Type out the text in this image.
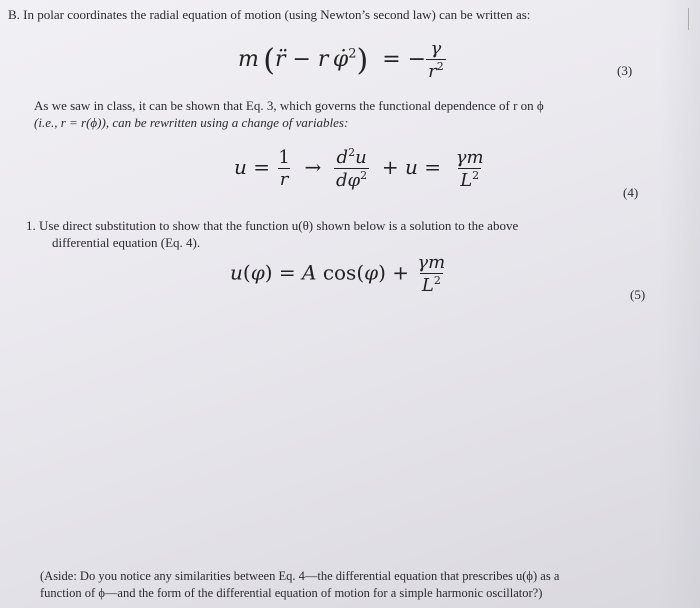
B. In polar coordinates the radial equation of motion (using Newton’s second law) can be written as:
m (r̈ − r φ̇$^2$)  = − $\frac{\gamma}{r^2}$	(3)
As we saw in class, it can be shown that Eq. 3, which governs the functional dependence of r on ϕ
(i.e., r = r(ϕ)), can be rewritten using a change of variables:
$u = \frac{1}{r} \to \frac{d^2u}{d\varphi^2} + u = \frac{\gamma m}{L^2}$
(4)
1. Use direct substitution to show that the function u(θ) shown below is a solution to the above
differential equation (Eq. 4).
u(φ) = A $\cos(\varphi) + \frac{\gamma m}{L^2}$	(5)
(Aside: Do you notice any similarities between Eq. 4—the differential equation that prescribes u(ϕ) as a
function of ϕ—and the form of the differential equation of motion for a simple harmonic oscillator?)
